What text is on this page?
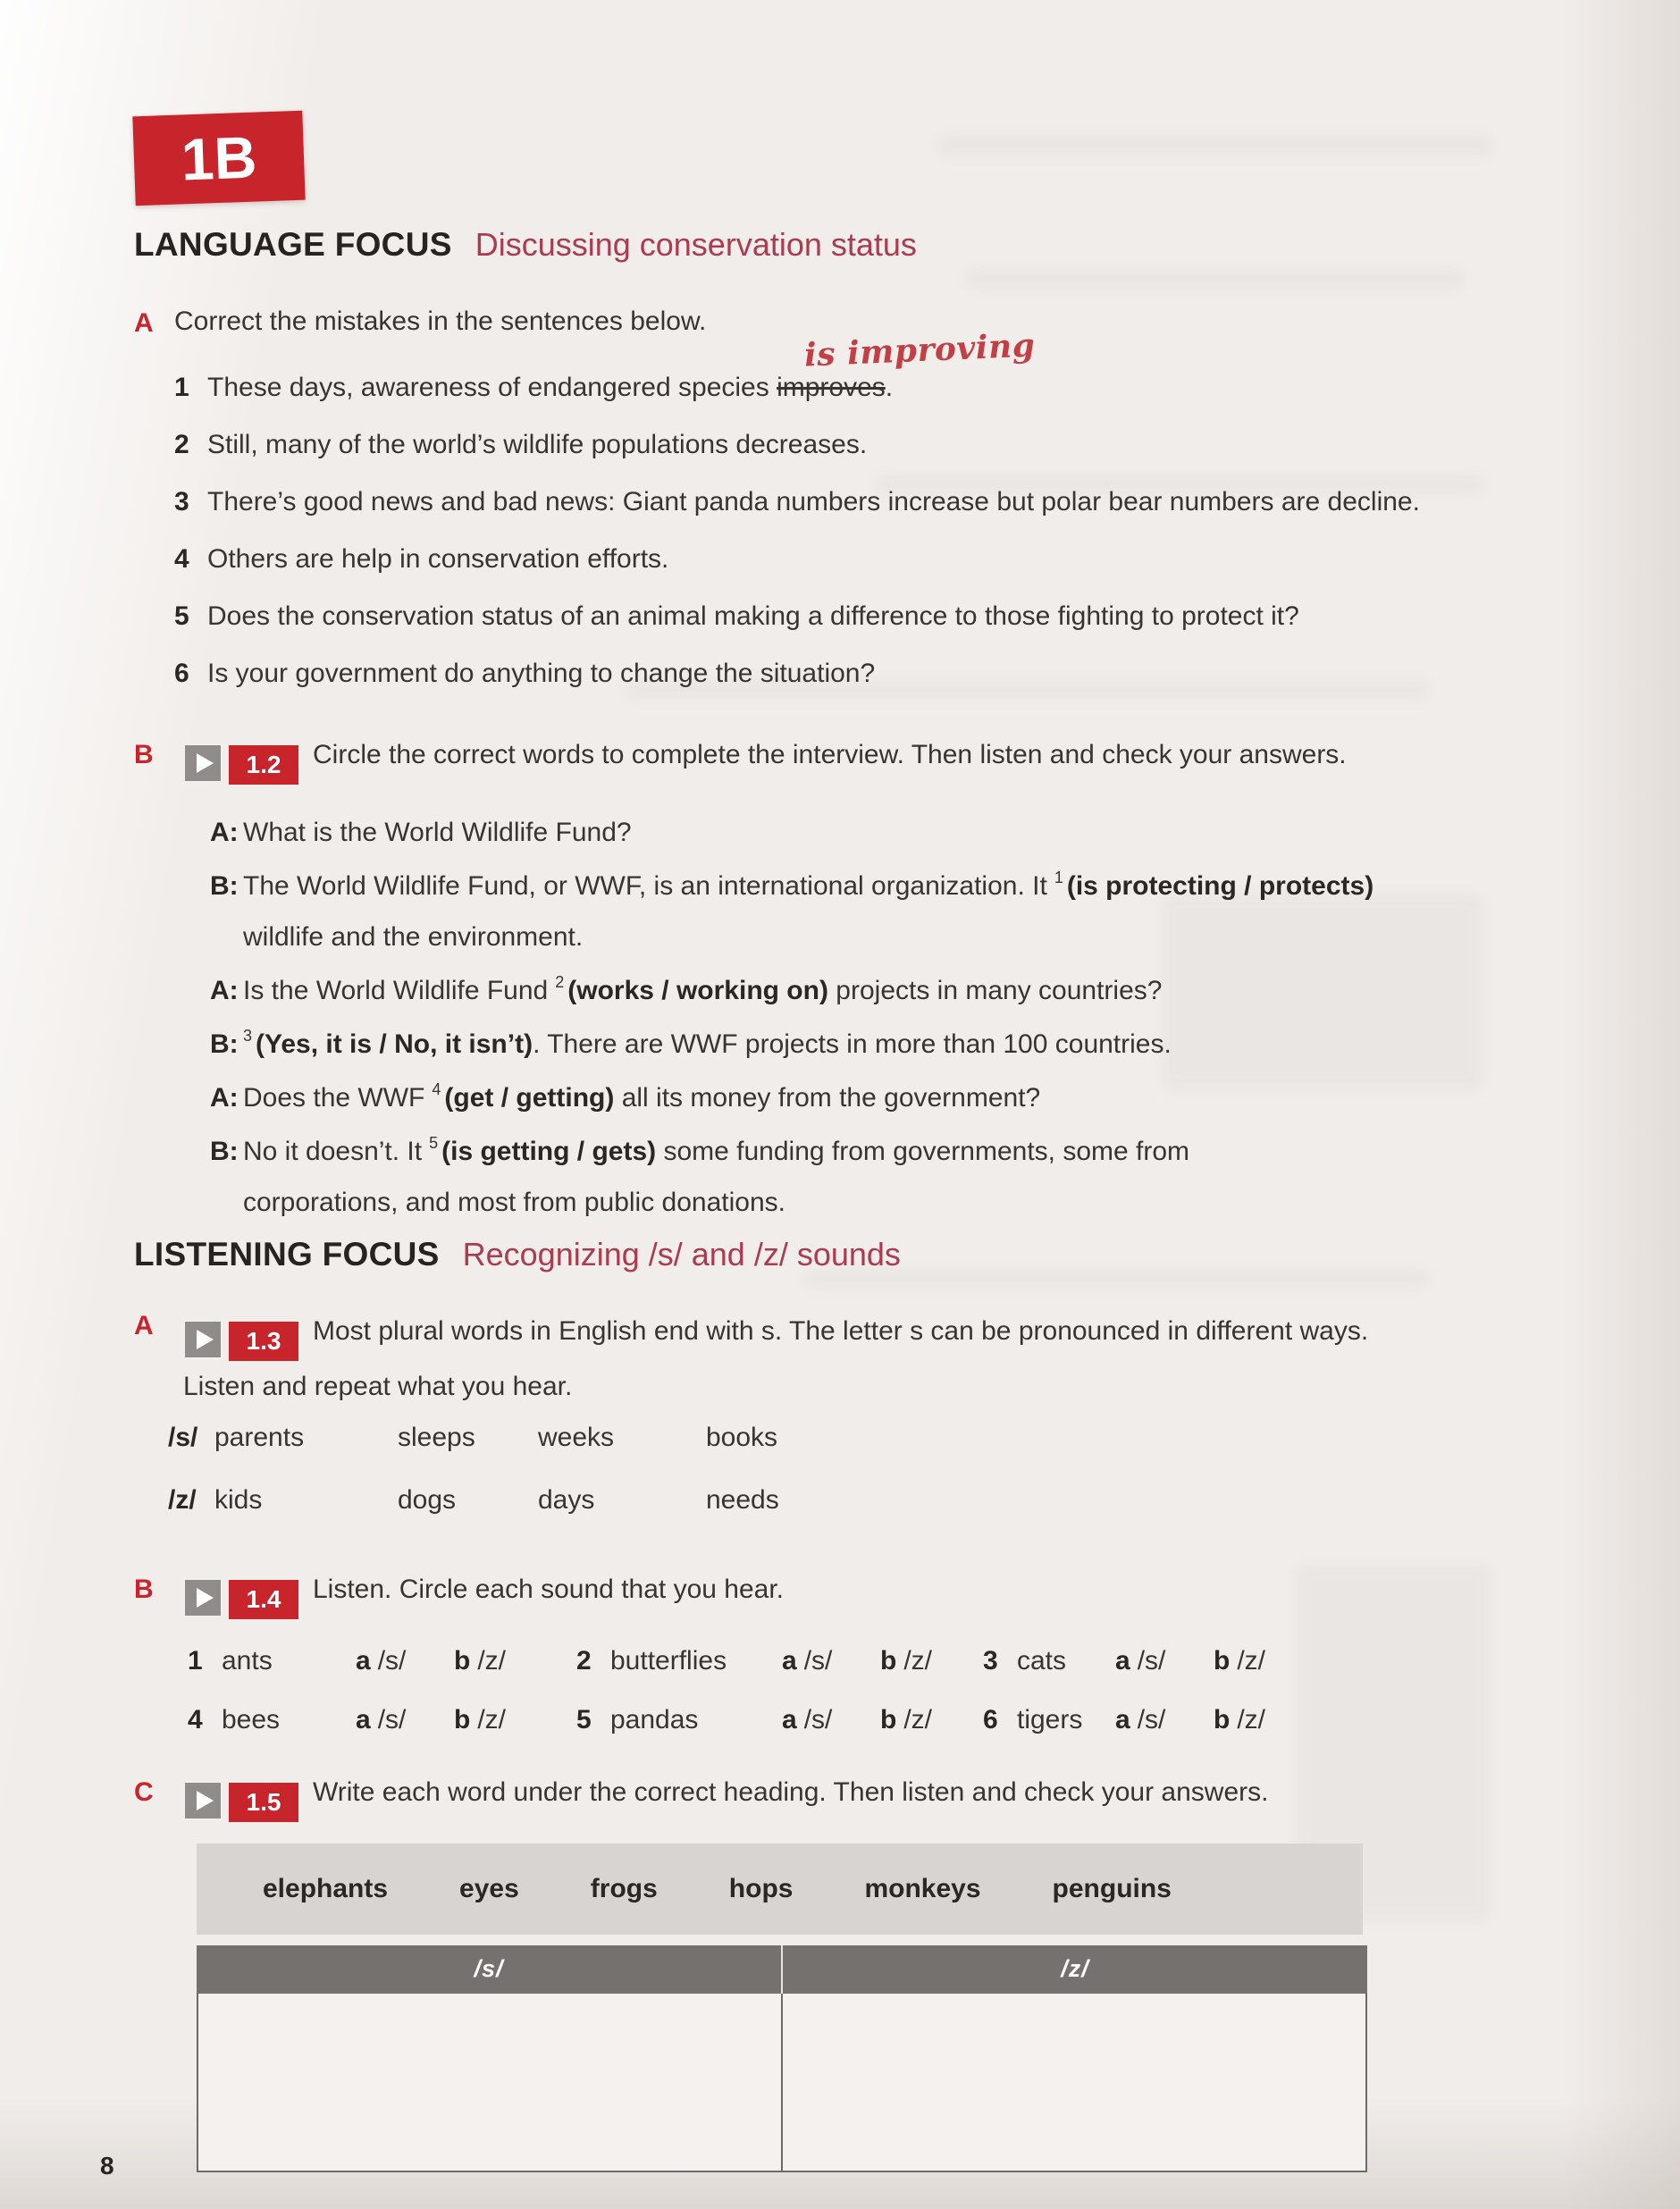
1B
LANGUAGE FOCUS Discussing conservation status
A Correct the mistakes in the sentences below.
is improving
1 These days, awareness of endangered species improves.
2 Still, many of the world’s wildlife populations decreases.
3 There’s good news and bad news: Giant panda numbers increase but polar bear numbers are decline.
4 Others are help in conservation efforts.
5 Does the conservation status of an animal making a difference to those fighting to protect it?
6 Is your government do anything to change the situation?
B	1.2 Circle the correct words to complete the interview. Then listen and check your answers.
A: What is the World Wildlife Fund?
B: The World Wildlife Fund, or WWF, is an international organization. It $^1$ (is protecting / protects)
wildlife and the environment.
A: Is the World Wildlife Fund $^2$ (works / working on) projects in many countries?
B: $^3$ (Yes, it is / No, it isn’t). There are WWF projects in more than 100 countries.
A: Does the WWF $^4$ (get / getting) all its money from the government?
B: No it doesn’t. It $^5$ (is getting / gets) some funding from governments, some from
corporations, and most from public donations.
LISTENING FOCUS Recognizing /s/ and /z/ sounds
A
1.3 Most plural words in English end with s. The letter s can be pronounced in different ways.
Listen and repeat what you hear.
/s/ parents	sleeps	weeks	books
/z/ kids	dogs	days	needs
B	1.4 Listen. Circle each sound that you hear.
1 ants	a /s/	b /z/	2 butterflies	a /s/	b /z/	3 cats	a /s/	b /z/
4 bees	a /s/	b /z/	5 pandas	a /s/	b /z/	6 tigers	a /s/	b /z/
C	1.5 Write each word under the correct heading. Then listen and check your answers.
elephants	eyes	frogs	hops	monkeys	penguins
/s/	/z/
8
